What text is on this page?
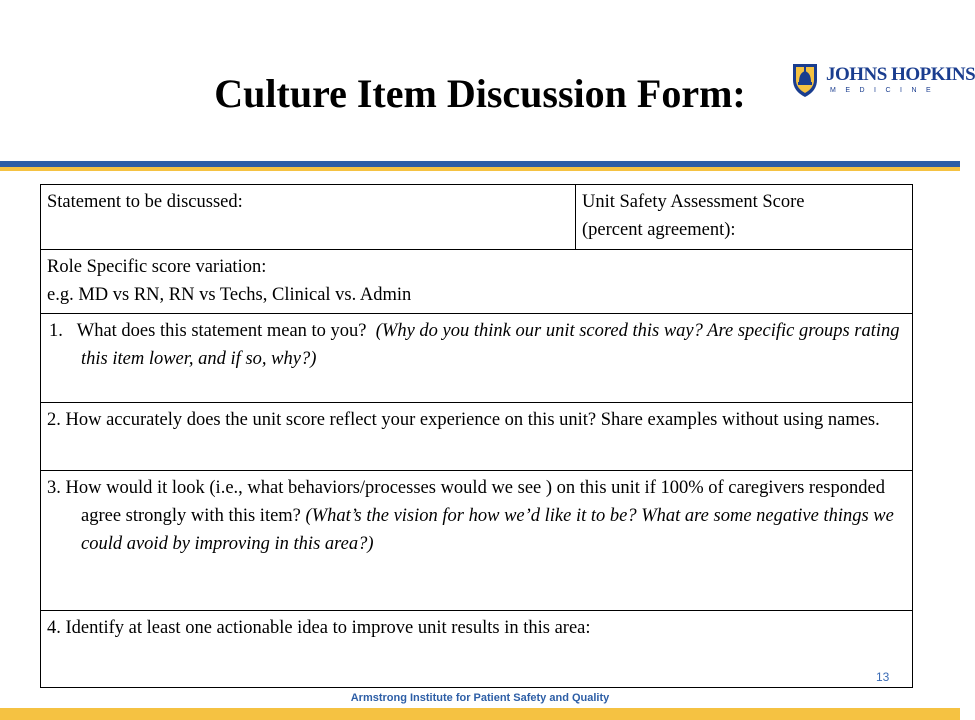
Culture Item Discussion Form:	JOHNS HOPKINS
MEDICINE
Statement to be discussed:	Unit Safety Assessment Score
(percent agreement):
Role Specific score variation:
e.g. MD vs RN, RN vs Techs, Clinical vs. Admin

1. What does this statement mean to you? (Why do you think our unit scored this way? Are specific groups rating this item lower, and if so, why?)

2. How accurately does the unit score reflect your experience on this unit? Share examples without using names.

3. How would it look (i.e., what behaviors/processes would we see ) on this unit if 100% of caregivers responded agree strongly with this item? (What’s the vision for how we’d like it to be? What are some negative things we could avoid by improving in this area?)

4. Identify at least one actionable idea to improve unit results in this area:
13
Armstrong Institute for Patient Safety and Quality
